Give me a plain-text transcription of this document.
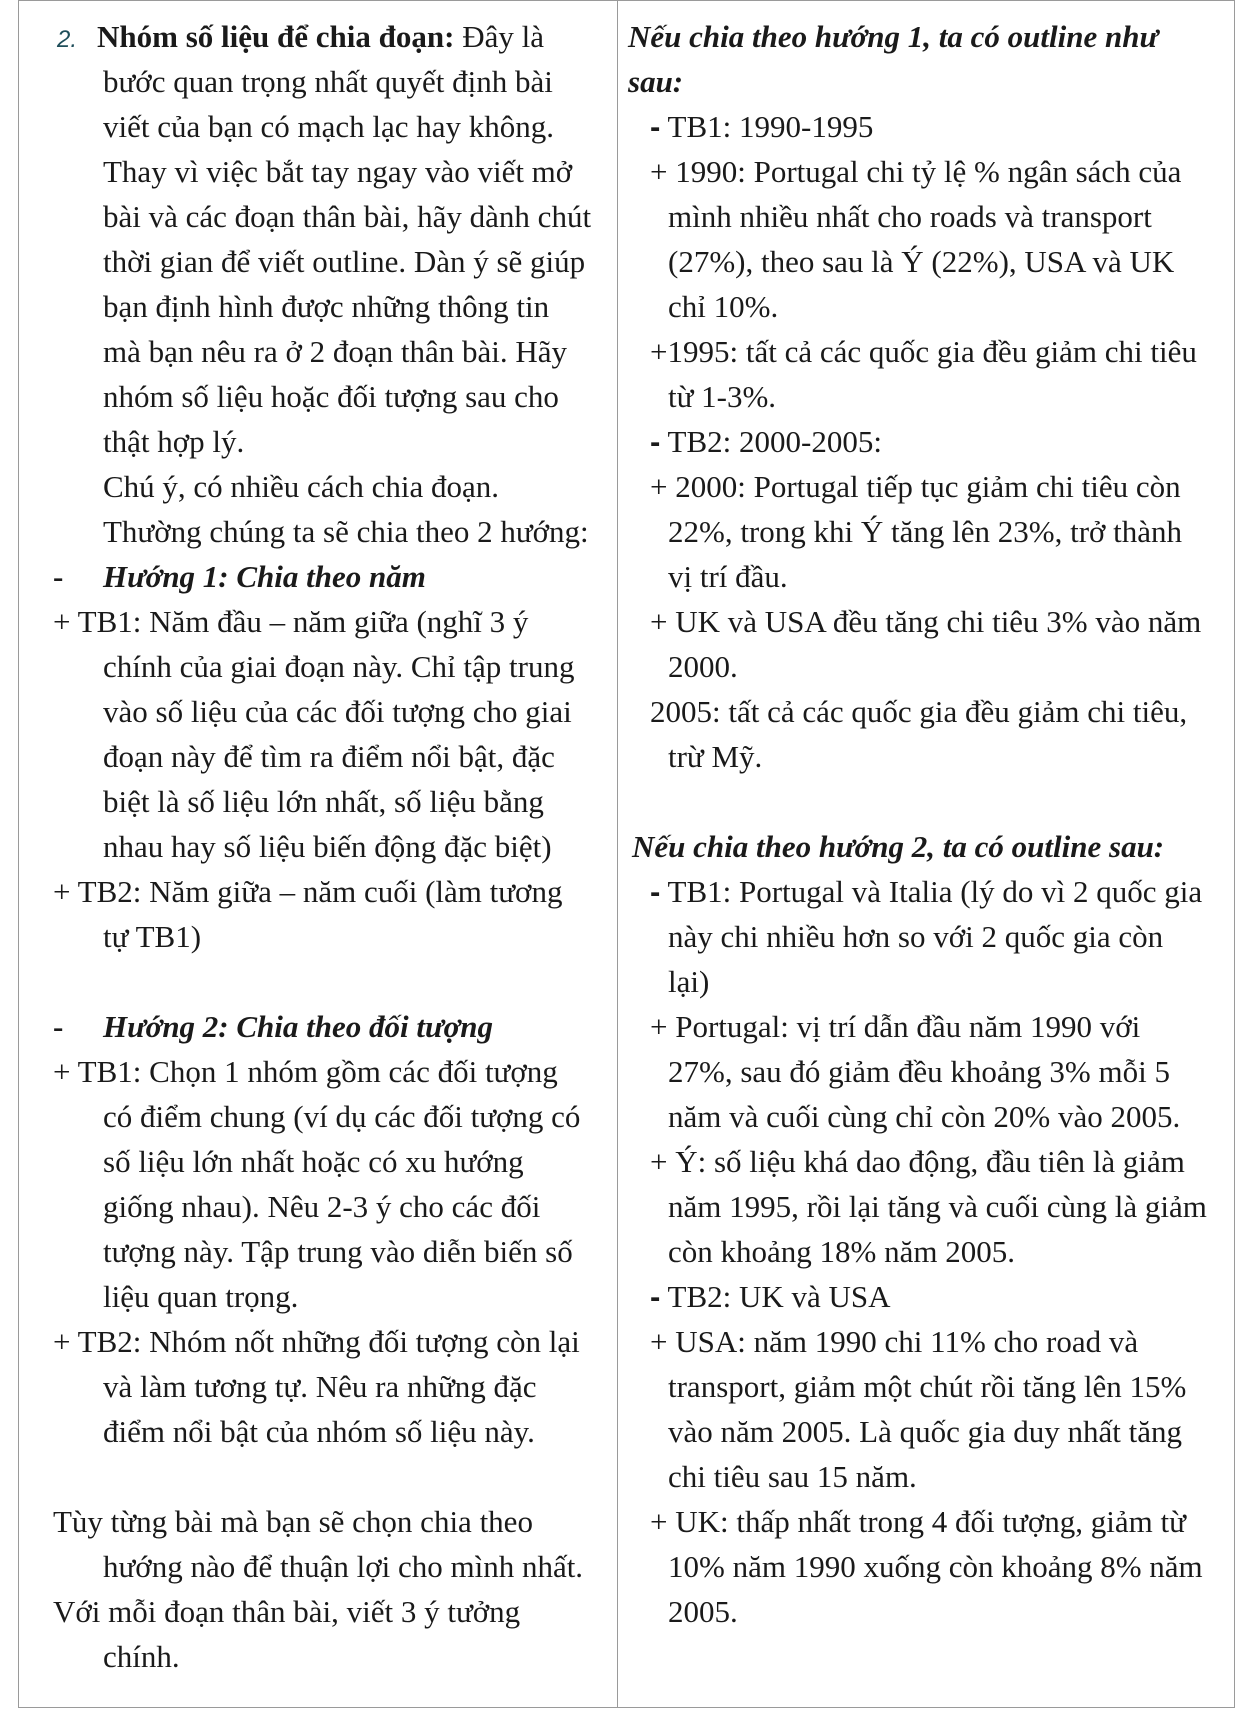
2. Nhóm số liệu để chia đoạn: Đây là
bước quan trọng nhất quyết định bài
viết của bạn có mạch lạc hay không.
Thay vì việc bắt tay ngay vào viết mở
bài và các đoạn thân bài, hãy dành chút
thời gian để viết outline. Dàn ý sẽ giúp
bạn định hình được những thông tin
mà bạn nêu ra ở 2 đoạn thân bài. Hãy
nhóm số liệu hoặc đối tượng sau cho
thật hợp lý.
Chú ý, có nhiều cách chia đoạn.
Thường chúng ta sẽ chia theo 2 hướng:
- Hướng 1: Chia theo năm
+ TB1: Năm đầu – năm giữa (nghĩ 3 ý
chính của giai đoạn này. Chỉ tập trung
vào số liệu của các đối tượng cho giai
đoạn này để tìm ra điểm nổi bật, đặc
biệt là số liệu lớn nhất, số liệu bằng
nhau hay số liệu biến động đặc biệt)
+ TB2: Năm giữa – năm cuối (làm tương
tự TB1)
- Hướng 2: Chia theo đối tượng
+ TB1: Chọn 1 nhóm gồm các đối tượng
có điểm chung (ví dụ các đối tượng có
số liệu lớn nhất hoặc có xu hướng
giống nhau). Nêu 2-3 ý cho các đối
tượng này. Tập trung vào diễn biến số
liệu quan trọng.
+ TB2: Nhóm nốt những đối tượng còn lại
và làm tương tự. Nêu ra những đặc
điểm nổi bật của nhóm số liệu này.
Tùy từng bài mà bạn sẽ chọn chia theo
hướng nào để thuận lợi cho mình nhất.
Với mỗi đoạn thân bài, viết 3 ý tưởng
chính.

Nếu chia theo hướng 1, ta có outline như
sau:
- TB1: 1990-1995
+ 1990: Portugal chi tỷ lệ % ngân sách của
mình nhiều nhất cho roads và transport
(27%), theo sau là Ý (22%), USA và UK
chỉ 10%.
+1995: tất cả các quốc gia đều giảm chi tiêu
từ 1-3%.
- TB2: 2000-2005:
+ 2000: Portugal tiếp tục giảm chi tiêu còn
22%, trong khi Ý tăng lên 23%, trở thành
vị trí đầu.
+ UK và USA đều tăng chi tiêu 3% vào năm
2000.
2005: tất cả các quốc gia đều giảm chi tiêu,
trừ Mỹ.
Nếu chia theo hướng 2, ta có outline sau:
- TB1: Portugal và Italia (lý do vì 2 quốc gia
này chi nhiều hơn so với 2 quốc gia còn
lại)
+ Portugal: vị trí dẫn đầu năm 1990 với
27%, sau đó giảm đều khoảng 3% mỗi 5
năm và cuối cùng chỉ còn 20% vào 2005.
+ Ý: số liệu khá dao động, đầu tiên là giảm
năm 1995, rồi lại tăng và cuối cùng là giảm
còn khoảng 18% năm 2005.
- TB2: UK và USA
+ USA: năm 1990 chi 11% cho road và
transport, giảm một chút rồi tăng lên 15%
vào năm 2005. Là quốc gia duy nhất tăng
chi tiêu sau 15 năm.
+ UK: thấp nhất trong 4 đối tượng, giảm từ
10% năm 1990 xuống còn khoảng 8% năm
2005.
